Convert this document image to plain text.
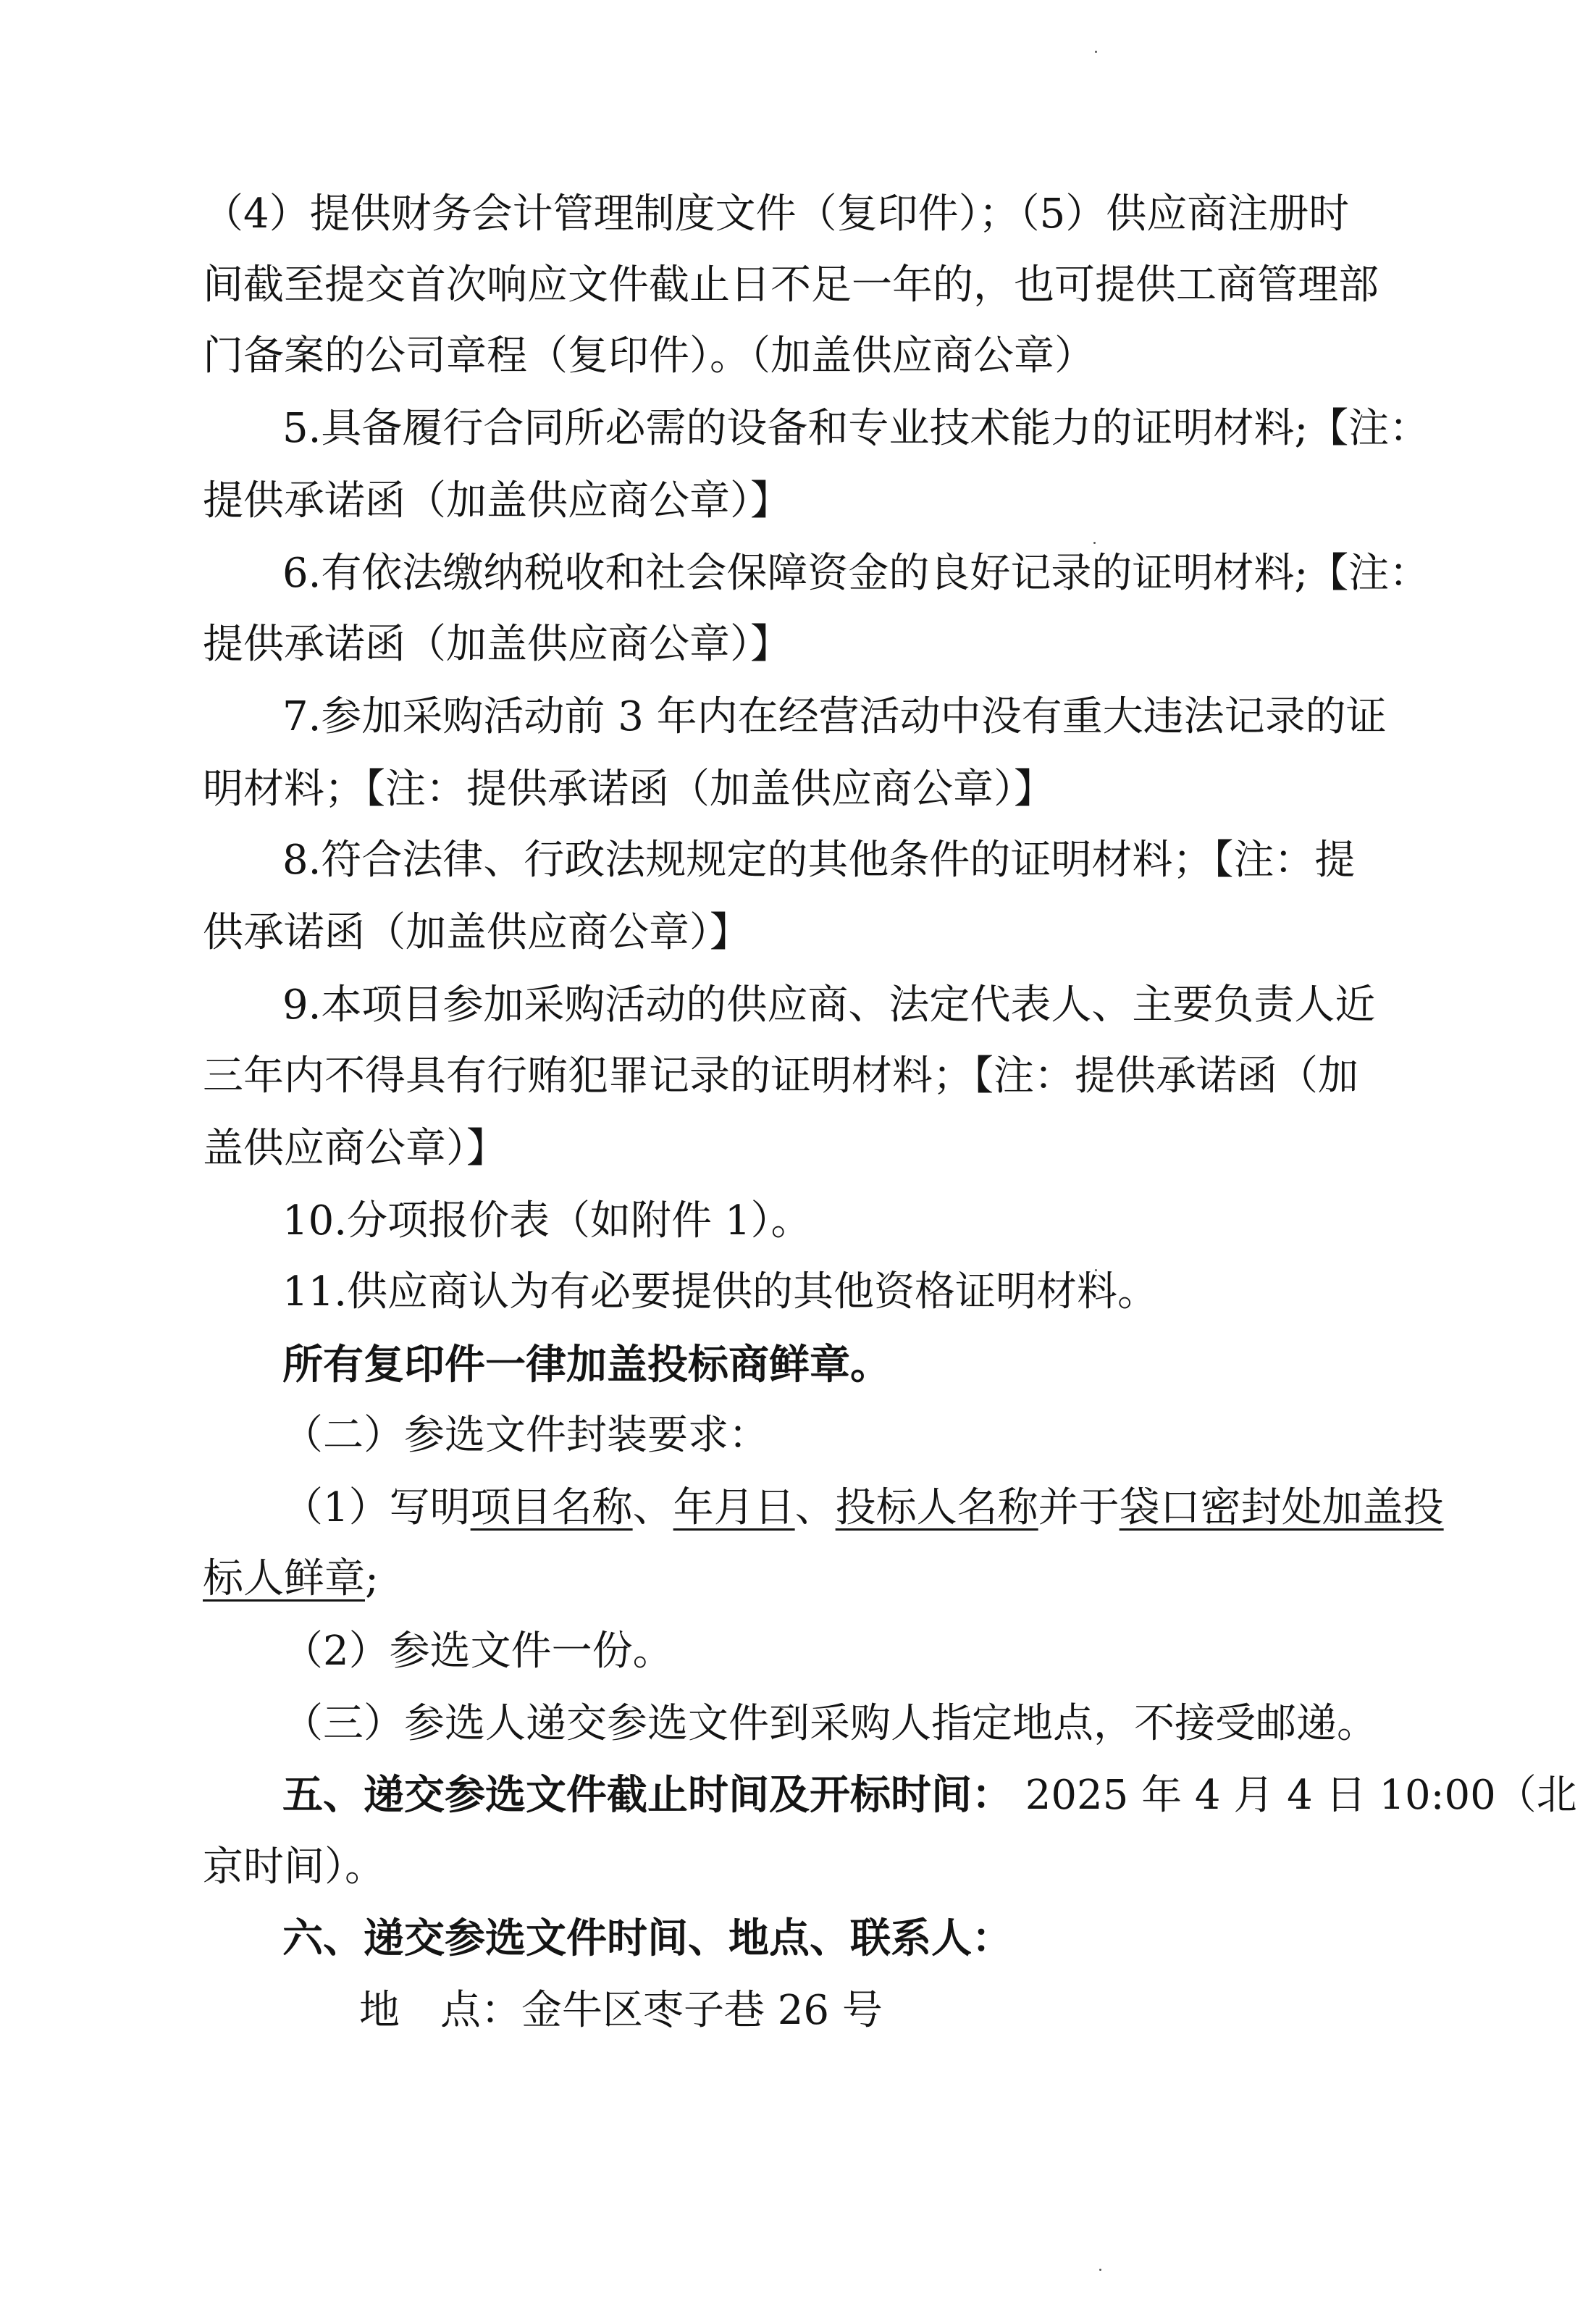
（4）提供财务会计管理制度文件（复印件）；（5）供应商注册时
间截至提交首次响应文件截止日不足一年的，也可提供工商管理部
门备案的公司章程（复印件）。（加盖供应商公章）
5.具备履行合同所必需的设备和专业技术能力的证明材料;【注：
提供承诺函（加盖供应商公章）】
6.有依法缴纳税收和社会保障资金的良好记录的证明材料;【注：
提供承诺函（加盖供应商公章）】
7.参加采购活动前 3 年内在经营活动中没有重大违法记录的证
明材料；【注：提供承诺函（加盖供应商公章）】
8.符合法律、行政法规规定的其他条件的证明材料；【注：提
供承诺函（加盖供应商公章）】
9.本项目参加采购活动的供应商、法定代表人、主要负责人近
三年内不得具有行贿犯罪记录的证明材料；【注：提供承诺函（加
盖供应商公章）】
10.分项报价表（如附件 1）。
11.供应商认为有必要提供的其他资格证明材料。
所有复印件一律加盖投标商鲜章。
（二）参选文件封装要求：
（1）写明项目名称、年月日、投标人名称并于袋口密封处加盖投
标人鲜章;
（2）参选文件一份。
（三）参选人递交参选文件到采购人指定地点，不接受邮递。
五、递交参选文件截止时间及开标时间： 2025 年 4 月 4 日 10:00（北
京时间）。
六、递交参选文件时间、地点、联系人：
地　点：金牛区枣子巷 26 号
